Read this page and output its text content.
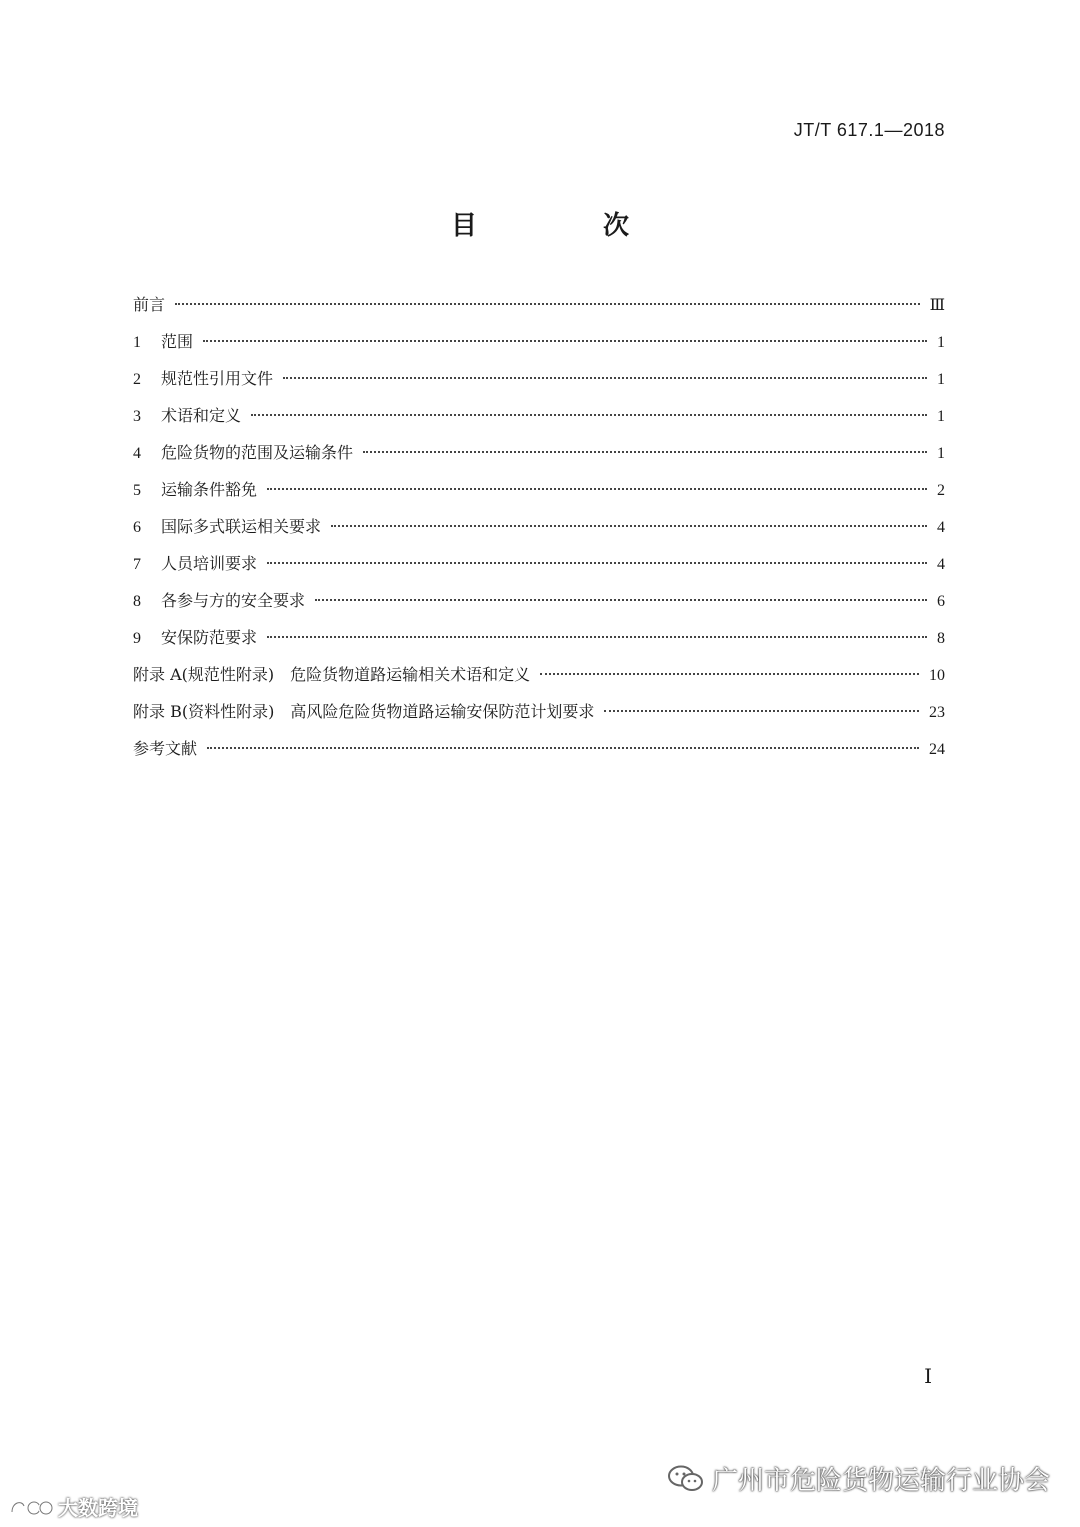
JT/T 617.1—2018
目　次
前言	Ⅲ
1	范围	1
2	规范性引用文件	1
3	术语和定义	1
4	危险货物的范围及运输条件	1
5	运输条件豁免	2
6	国际多式联运相关要求	4
7	人员培训要求	4
8	各参与方的安全要求	6
9	安保防范要求	8
附录 A(规范性附录)　危险货物道路运输相关术语和定义	10
附录 B(资料性附录)　高风险危险货物道路运输安保防范计划要求	23
参考文献	24
Ⅰ
广州市危险货物运输行业协会
大数跨境
